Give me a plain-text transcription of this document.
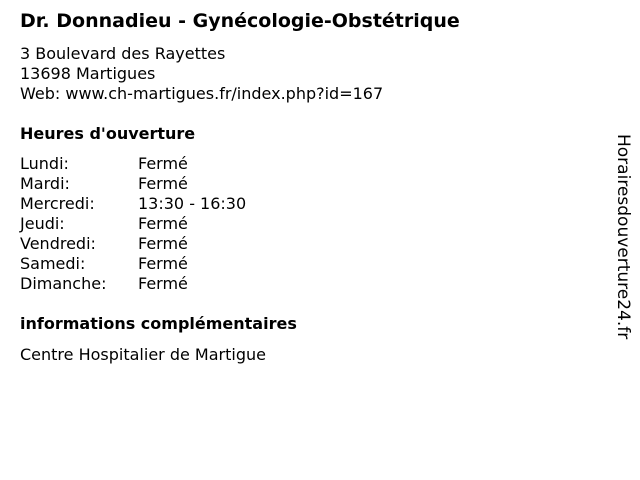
Dr. Donnadieu - Gynécologie-Obstétrique
3 Boulevard des Rayettes
13698 Martigues
Web: www.ch-martigues.fr/index.php?id=167
Heures d'ouverture
Lundi:	Fermé
Mardi:	Fermé
Mercredi:	13:30 - 16:30
Jeudi:	Fermé
Vendredi:	Fermé
Samedi:	Fermé
Dimanche: Fermé
informations complémentaires
Centre Hospitalier de Martigue
Horairesdouverture24.fr
